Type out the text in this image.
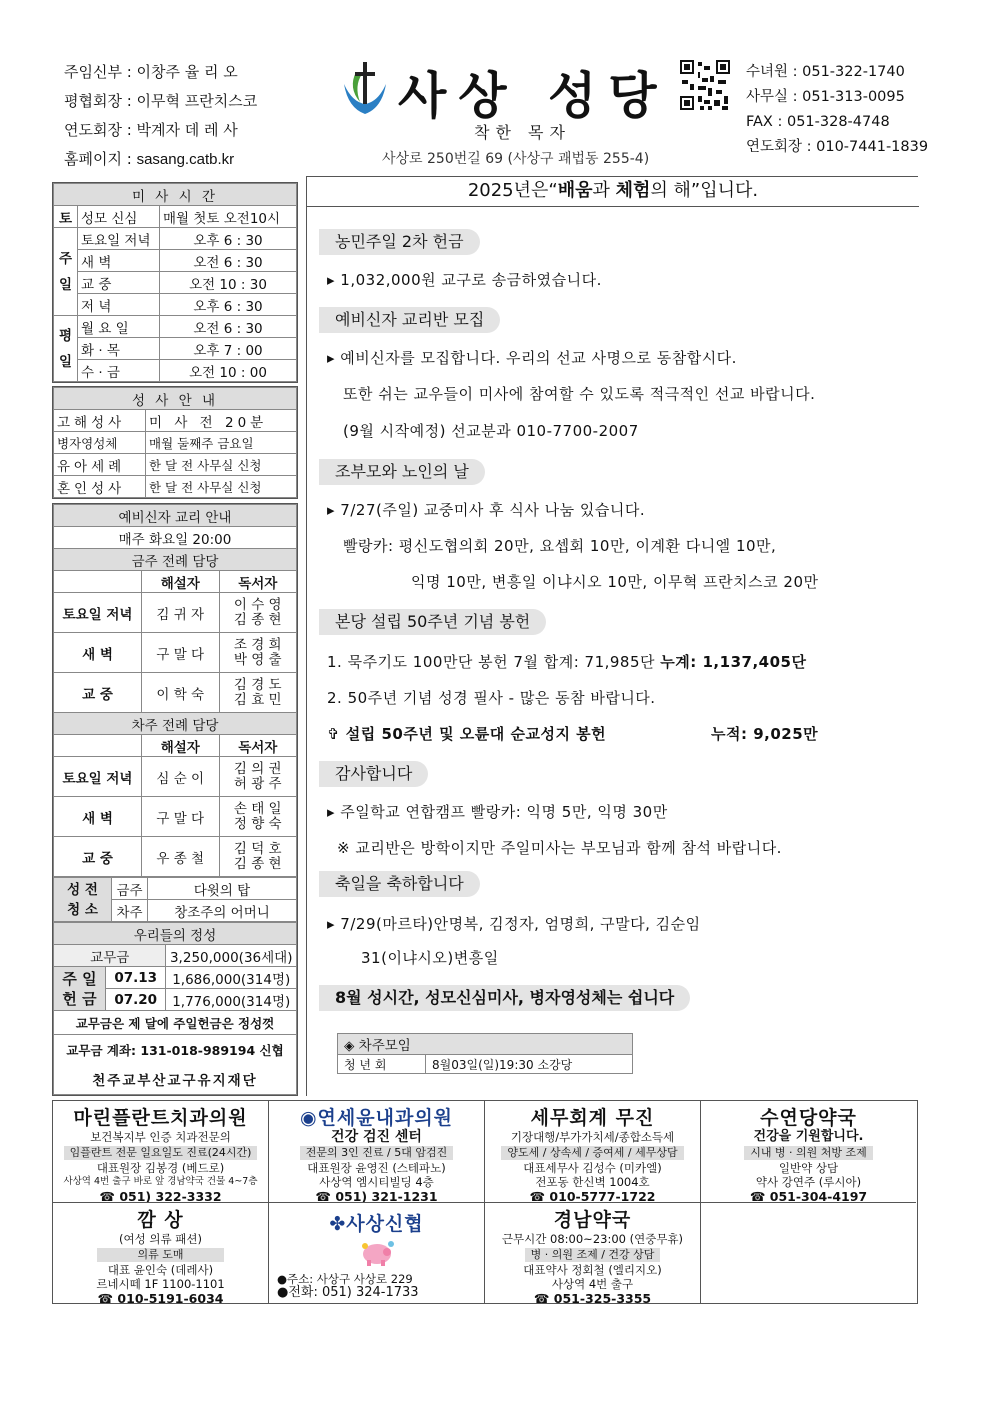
주임신부 : 이창주 율 리 오
평협회장 : 이무혁 프란치스코
연도회장 : 박계자 데 레 사
홈페이지 : sasang.catb.kr
사상 성당
착한 목자
사상로 250번길 69 (사상구 괘법동 255-4)
수녀원 : 051-322-1740
사무실 : 051-313-0095
FAX : 051-328-4748
연도회장 : 010-7441-1839
미 사 시 간		
토	성모 신심	매월 첫토 오전10시
주일	토요일 저녁	오후 6 : 30
	새 벽	오전 6 : 30
	교 중	오전 10 : 30
	저 녁	오후 6 : 30
평일	월 요 일	오전 6 : 30
	화 · 목	오후 7 : 00
	수 · 금	오전 10 : 00
성 사 안 내	
고해성사	미 사 전 20분
병자영성체	매월 둘째주 금요일
유아세례	한 달 전 사무실 신청
혼인성사	한 달 전 사무실 신청
예비신자 교리 안내		
매주 화요일 20:00		
금주 전례 담당		
	해설자	독서자
토요일 저녁	김 귀 자	이 수 영
김 종 현

새 벽	구 말 다	조 경 희
박 영 출

교 중	이 학 숙	김 경 도
김 효 민

차주 전례 담당		
	해설자	독서자
토요일 저녁	심 순 이	김 의 권
허 광 주

새 벽	구 말 다	손 태 일
정 향 숙

교 중	우 종 철	김 덕 호
김 종 현
성 전
청 소	금주	다윗의 탑
	차주	창조주의 어머니
우리들의 정성		
교무금		3,250,000(36세대)

주 일
헌 금	07.13	1,686,000(314명)
	07.20	1,776,000(314명)
교무금은 제 달에 주일헌금은 정성껏		
교무금 계좌: 131-018-989194 신협		
천주교부산교구유지재단		
2025년은“배움과 체험의 해”입니다.
농민주일 2차 헌금
▸ 1,032,000원 교구로 송금하였습니다.
예비신자 교리반 모집
▸ 예비신자를 모집합니다. 우리의 선교 사명으로 동참합시다.
또한 쉬는 교우들이 미사에 참여할 수 있도록 적극적인 선교 바랍니다.
(9월 시작예정) 선교분과 010-7700-2007
조부모와 노인의 날
▸ 7/27(주일) 교중미사 후 식사 나눔 있습니다.
빨랑카: 평신도협의회 20만, 요셉회 10만, 이계환 다니엘 10만,
익명 10만, 변흥일 이냐시오 10만, 이무혁 프란치스코 20만
본당 설립 50주년 기념 봉헌
1. 묵주기도 100만단 봉헌 7월 합계: 71,985단 누계: 1,137,405단
2. 50주년 기념 성경 필사 - 많은 동참 바랍니다.
✞ 설립 50주년 및 오륜대 순교성지 봉헌	누적: 9,025만
감사합니다
▸ 주일학교 연합캠프 빨랑카: 익명 5만, 익명 30만
※ 교리반은 방학이지만 주일미사는 부모님과 함께 참석 바랍니다.
축일을 축하합니다
▸ 7/29(마르타)안명복, 김정자, 엄명희, 구말다, 김순임
31(이냐시오)변흥일
8월 성시간, 성모신심미사, 병자영성체는 쉽니다
◈ 차주모임
청 년 회	8월03일(일)19:30 소강당
마린플란트치과의원
보건복지부 인증 치과전문의
임플란트 전문 일요일도 진료(24시간)
대표원장 김봉경 (베드로)
사상역 4번 출구 바로 앞 경남약국 건물 4~7층
☎ 051) 322-3332
◉연세윤내과의원
건강 검진 센터
전문의 3인 진료 / 5대 암검진
대표원장 윤영진 (스테파노)
사상역 엠시티빌딩 4층
☎ 051) 321-1231
세무회계 무진
기장대행/부가가치세/종합소득세
양도세 / 상속세 / 증여세 / 세무상담
대표세무사 김성수 (미카엘)
전포동 한신벽 1004호
☎ 010-5777-1722
수연당약국
건강을 기원합니다.
시내 병 · 의원 처방 조제
일반약 상담
약사 강연주 (루시아)
☎ 051-304-4197
깜 상
(여성 의류 패션)
의류 도매
대표 윤인숙 (데레사)
르네시떼 1F 1100-1101
☎ 010-5191-6034
✤사상신협
●주소: 사상구 사상로 229
●전화: 051) 324-1733
경남약국
근무시간 08:00~23:00 (연중무휴)
병 · 의원 조제 / 건강 상담
대표약사 정회철 (엘리지오)
사상역 4번 출구
☎ 051-325-3355
